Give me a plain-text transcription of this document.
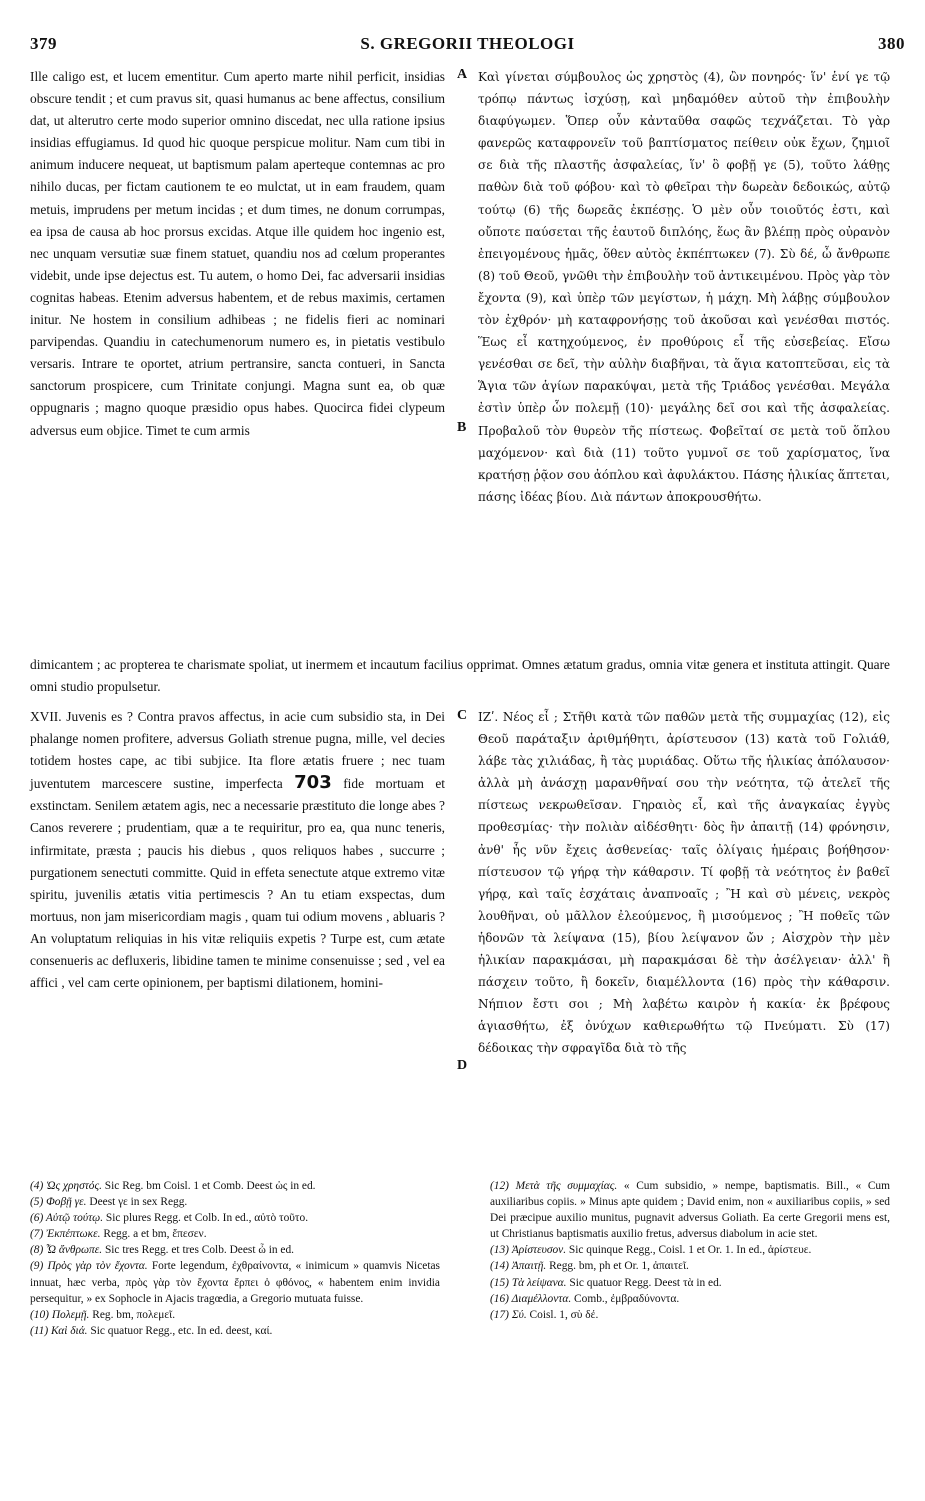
379	S. GREGORII THEOLOGI	380
A
B
C
D

Ille caligo est, et lucem ementitur. Cum aperto marte nihil perficit, insidias obscure tendit ; et cum pravus sit, quasi humanus ac bene affectus, consilium dat, ut alterutro certe modo superior omnino discedat, nec ulla ratione ipsius insidias effugiamus. Id quod hic quoque perspicue molitur. Nam cum tibi in animum inducere nequeat, ut baptismum palam aperteque contemnas ac pro nihilo ducas, per fictam cautionem te eo mulctat, ut in eam fraudem, quam metuis, imprudens per metum incidas ; et dum times, ne donum corrumpas, ea ipsa de causa ab hoc prorsus excidas. Atque ille quidem hoc ingenio est, nec unquam versutiæ suæ finem statuet, quandiu nos ad cœlum properantes videbit, unde ipse dejectus est. Tu autem, o homo Dei, fac adversarii insidias cognitas habeas. Etenim adversus habentem, et de rebus maximis, certamen initur. Ne hostem in consilium adhibeas ; ne fidelis fieri ac nominari parvipendas. Quandiu in catechumenorum numero es, in pietatis vestibulo versaris. Intrare te oportet, atrium pertransire, sancta contueri, in Sancta sanctorum prospicere, cum Trinitate conjungi. Magna sunt ea, ob quæ oppugnaris ; magno quoque præsidio opus habes. Quocirca fidei clypeum adversus eum objice. Timet te cum armis

Καὶ γίνεται σύμβουλος ὡς χρηστὸς (4), ὢν πονηρός· ἵν' ἑνί γε τῷ τρόπῳ πάντως ἰσχύσῃ, καὶ μηδαμόθεν αὐτοῦ τὴν ἐπιβουλὴν διαφύγωμεν. Ὅπερ οὖν κἀνταῦθα σαφῶς τεχνάζεται. Τὸ γὰρ φανερῶς καταφρονεῖν τοῦ βαπτίσματος πείθειν οὐκ ἔχων, ζημιοῖ σε διὰ τῆς πλαστῆς ἀσφαλείας, ἵν' ὃ φοβῇ γε (5), τοῦτο λάθῃς παθὼν διὰ τοῦ φόβου· καὶ τὸ φθεῖραι τὴν δωρεὰν δεδοικώς, αὐτῷ τούτῳ (6) τῆς δωρεᾶς ἐκπέσῃς. Ὁ μὲν οὖν τοιοῦτός ἐστι, καὶ οὔποτε παύσεται τῆς ἑαυτοῦ διπλόης, ἕως ἂν βλέπῃ πρὸς οὐρανὸν ἐπειγομένους ἡμᾶς, ὅθεν αὐτὸς ἐκπέπτωκεν (7). Σὺ δέ, ὦ ἄνθρωπε (8) τοῦ Θεοῦ, γνῶθι τὴν ἐπιβουλὴν τοῦ ἀντικειμένου. Πρὸς γὰρ τὸν ἔχοντα (9), καὶ ὑπὲρ τῶν μεγίστων, ἡ μάχη. Μὴ λάβῃς σύμβουλον τὸν ἐχθρόν· μὴ καταφρονήσῃς τοῦ ἀκοῦσαι καὶ γενέσθαι πιστός. Ἕως εἶ κατηχούμενος, ἐν προθύροις εἶ τῆς εὐσεβείας. Εἴσω γενέσθαι σε δεῖ, τὴν αὐλὴν διαβῆναι, τὰ ἅγια κατοπτεῦσαι, εἰς τὰ Ἅγια τῶν ἁγίων παρακύψαι, μετὰ τῆς Τριάδος γενέσθαι. Μεγάλα ἐστὶν ὑπὲρ ὧν πολεμῇ (10)· μεγάλης δεῖ σοι καὶ τῆς ἀσφαλείας. Προβαλοῦ τὸν θυρεὸν τῆς πίστεως. Φοβεῖταί σε μετὰ τοῦ ὅπλου μαχόμενον· καὶ διὰ (11) τοῦτο γυμνοῖ σε τοῦ χαρίσματος, ἵνα κρατήσῃ ῥᾷον σου ἀόπλου καὶ ἀφυλάκτου. Πάσης ἡλικίας ἅπτεται, πάσης ἰδέας βίου. Διὰ πάντων ἀποκρουσθήτω.

dimicantem ; ac propterea te charismate spoliat, ut inermem et incautum facilius opprimat. Omnes ætatum gradus, omnia vitæ genera et instituta attingit. Quare omni studio propulsetur.

XVII. Juvenis es ? Contra pravos affectus, in acie cum subsidio sta, in Dei phalange nomen profitere, adversus Goliath strenue pugna, mille, vel decies totidem hostes cape, ac tibi subjice. Ita flore ætatis fruere ; nec tuam juventutem marcescere sustine, imperfecta 703 fide mortuam et exstinctam. Senilem ætatem agis, nec a necessarie præstituto die longe abes ? Canos reverere ; prudentiam, quæ a te requiritur, pro ea, qua nunc teneris, infirmitate, præsta ; paucis his diebus , quos reliquos habes , succurre ; purgationem senectuti committe. Quid in effeta senectute atque extremo vitæ spiritu, juvenilis ætatis vitia pertimescis ? An tu etiam exspectas, dum mortuus, non jam misericordiam magis , quam tui odium movens , abluaris ? An voluptatum reliquias in his vitæ reliquiis expetis ? Turpe est, cum ætate consenueris ac defluxeris, libidine tamen te minime consenuisse ; sed , vel ea affici , vel cam certe opinionem, per baptismi dilationem, homini-

ΙΖʹ. Νέος εἶ ; Στῆθι κατὰ τῶν παθῶν μετὰ τῆς συμμαχίας (12), εἰς Θεοῦ παράταξιν ἀριθμήθητι, ἀρίστευσον (13) κατὰ τοῦ Γολιάθ, λάβε τὰς χιλιάδας, ἢ τὰς μυριάδας. Οὕτω τῆς ἡλικίας ἀπόλαυσον· ἀλλὰ μὴ ἀνάσχῃ μαρανθῆναί σου τὴν νεότητα, τῷ ἀτελεῖ τῆς πίστεως νεκρωθεῖσαν. Γηραιὸς εἶ, καὶ τῆς ἀναγκαίας ἐγγὺς προθεσμίας· τὴν πολιὰν αἰδέσθητι· δὸς ἣν ἀπαιτῇ (14) φρόνησιν, ἀνθ' ἧς νῦν ἔχεις ἀσθενείας· ταῖς ὀλίγαις ἡμέραις βοήθησον· πίστευσον τῷ γήρᾳ τὴν κάθαρσιν. Τί φοβῇ τὰ νεότητος ἐν βαθεῖ γήρᾳ, καὶ ταῖς ἐσχάταις ἀναπνοαῖς ; Ἢ καὶ σὺ μένεις, νεκρὸς λουθῆναι, οὐ μᾶλλον ἐλεούμενος, ἢ μισούμενος ; Ἢ ποθεῖς τῶν ἡδονῶν τὰ λείψανα (15), βίου λείψανον ὤν ; Αἰσχρὸν τὴν μὲν ἡλικίαν παρακμάσαι, μὴ παρακμάσαι δὲ τὴν ἀσέλγειαν· ἀλλ' ἢ πάσχειν τοῦτο, ἢ δοκεῖν, διαμέλλοντα (16) πρὸς τὴν κάθαρσιν. Νήπιον ἔστι σοι ; Μὴ λαβέτω καιρὸν ἡ κακία· ἐκ βρέφους ἁγιασθήτω, ἐξ ὀνύχων καθιερωθήτω τῷ Πνεύματι. Σὺ (17) δέδοικας τὴν σφραγῖδα διὰ τὸ τῆς

(4) Ὡς χρηστός. Sic Reg. bm Coisl. 1 et Comb. Deest ὡς in ed.

(5) Φοβῇ γε. Deest γε in sex Regg.

(6) Αὐτῷ τούτῳ. Sic plures Regg. et Colb. In ed., αὐτὸ τοῦτο.

(7) Ἐκπέπτωκε. Regg. a et bm, ἔπεσεν.

(8) Ὦ ἄνθρωπε. Sic tres Regg. et tres Colb. Deest ὦ in ed.

(9) Πρὸς γὰρ τὸν ἔχοντα. Forte legendum, ἐχθραίνοντα, « inimicum » quamvis Nicetas innuat, hæc verba, πρὸς γὰρ τὸν ἔχοντα ἕρπει ὁ φθόνος, « habentem enim invidia persequitur, » ex Sophocle in Ajacis tragœdia, a Gregorio mutuata fuisse.

(10) Πολεμῇ. Reg. bm, πολεμεῖ.

(11) Καὶ διά. Sic quatuor Regg., etc. In ed. deest, καί.

(12) Μετὰ τῆς συμμαχίας. « Cum subsidio, » nempe, baptismatis. Bill., « Cum auxiliaribus copiis. » Minus apte quidem ; David enim, non « auxiliaribus copiis, » sed Dei præcipue auxilio munitus, pugnavit adversus Goliath. Ea certe Gregorii mens est, ut Christianus baptismatis auxilio fretus, adversus diabolum in acie stet.

(13) Ἀρίστευσον. Sic quinque Regg., Coisl. 1 et Or. 1. In ed., ἀρίστευε.

(14) Ἀπαιτῇ. Regg. bm, ph et Or. 1, ἀπαιτεῖ.

(15) Τὰ λείψανα. Sic quatuor Regg. Deest τὰ in ed.

(16) Διαμέλλοντα. Comb., ἐμβραδύνοντα.

(17) Σύ. Coisl. 1, σὺ δέ.
